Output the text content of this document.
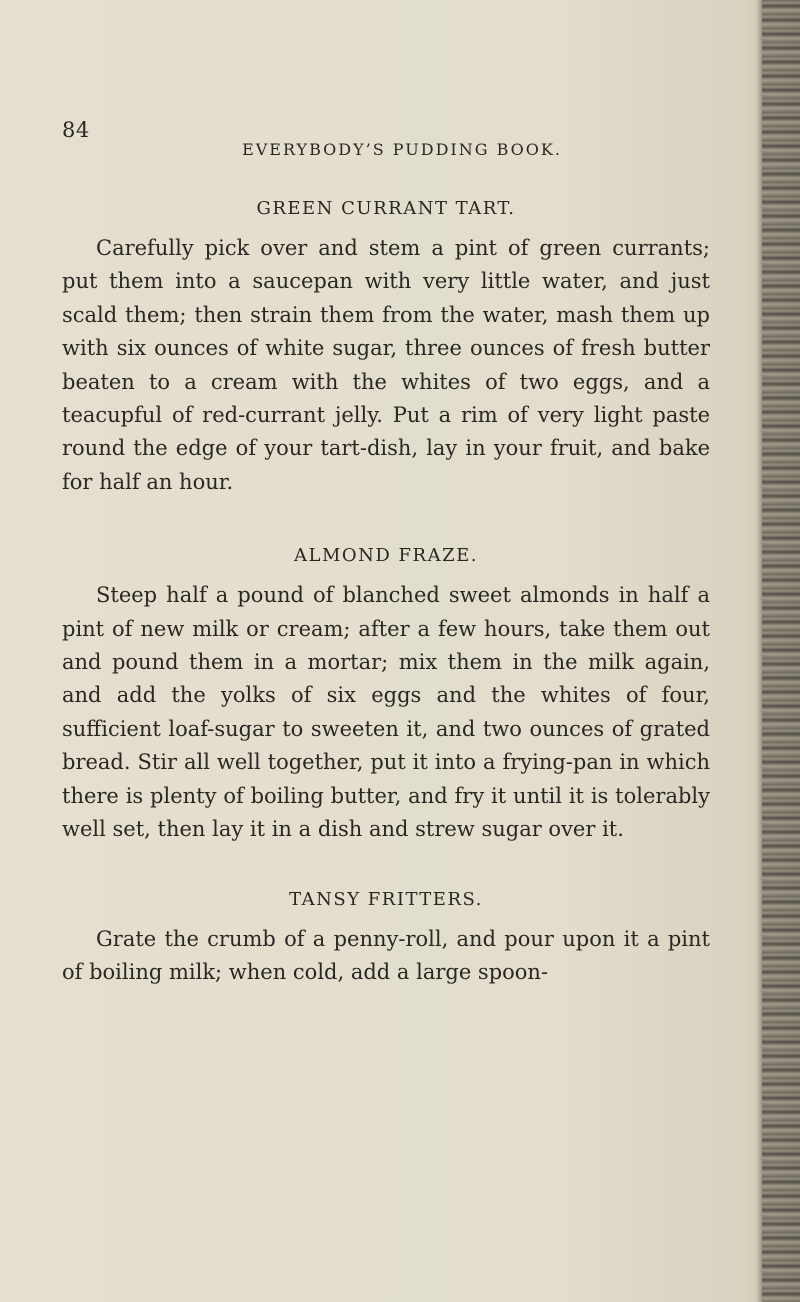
84
EVERYBODY’S PUDDING BOOK.
GREEN CURRANT TART.

Carefully pick over and stem a pint of green currants; put them into a saucepan with very little water, and just scald them; then strain them from the water, mash them up with six ounces of white sugar, three ounces of fresh butter beaten to a cream with the whites of two eggs, and a teacupful of red-currant jelly. Put a rim of very light paste round the edge of your tart-dish, lay in your fruit, and bake for half an hour.

ALMOND FRAZE.

Steep half a pound of blanched sweet almonds in half a pint of new milk or cream; after a few hours, take them out and pound them in a mortar; mix them in the milk again, and add the yolks of six eggs and the whites of four, sufficient loaf-sugar to sweeten it, and two ounces of grated bread. Stir all well together, put it into a frying-pan in which there is plenty of boiling butter, and fry it until it is tolerably well set, then lay it in a dish and strew sugar over it.

TANSY FRITTERS.

Grate the crumb of a penny-roll, and pour upon it a pint of boiling milk; when cold, add a large spoon-
